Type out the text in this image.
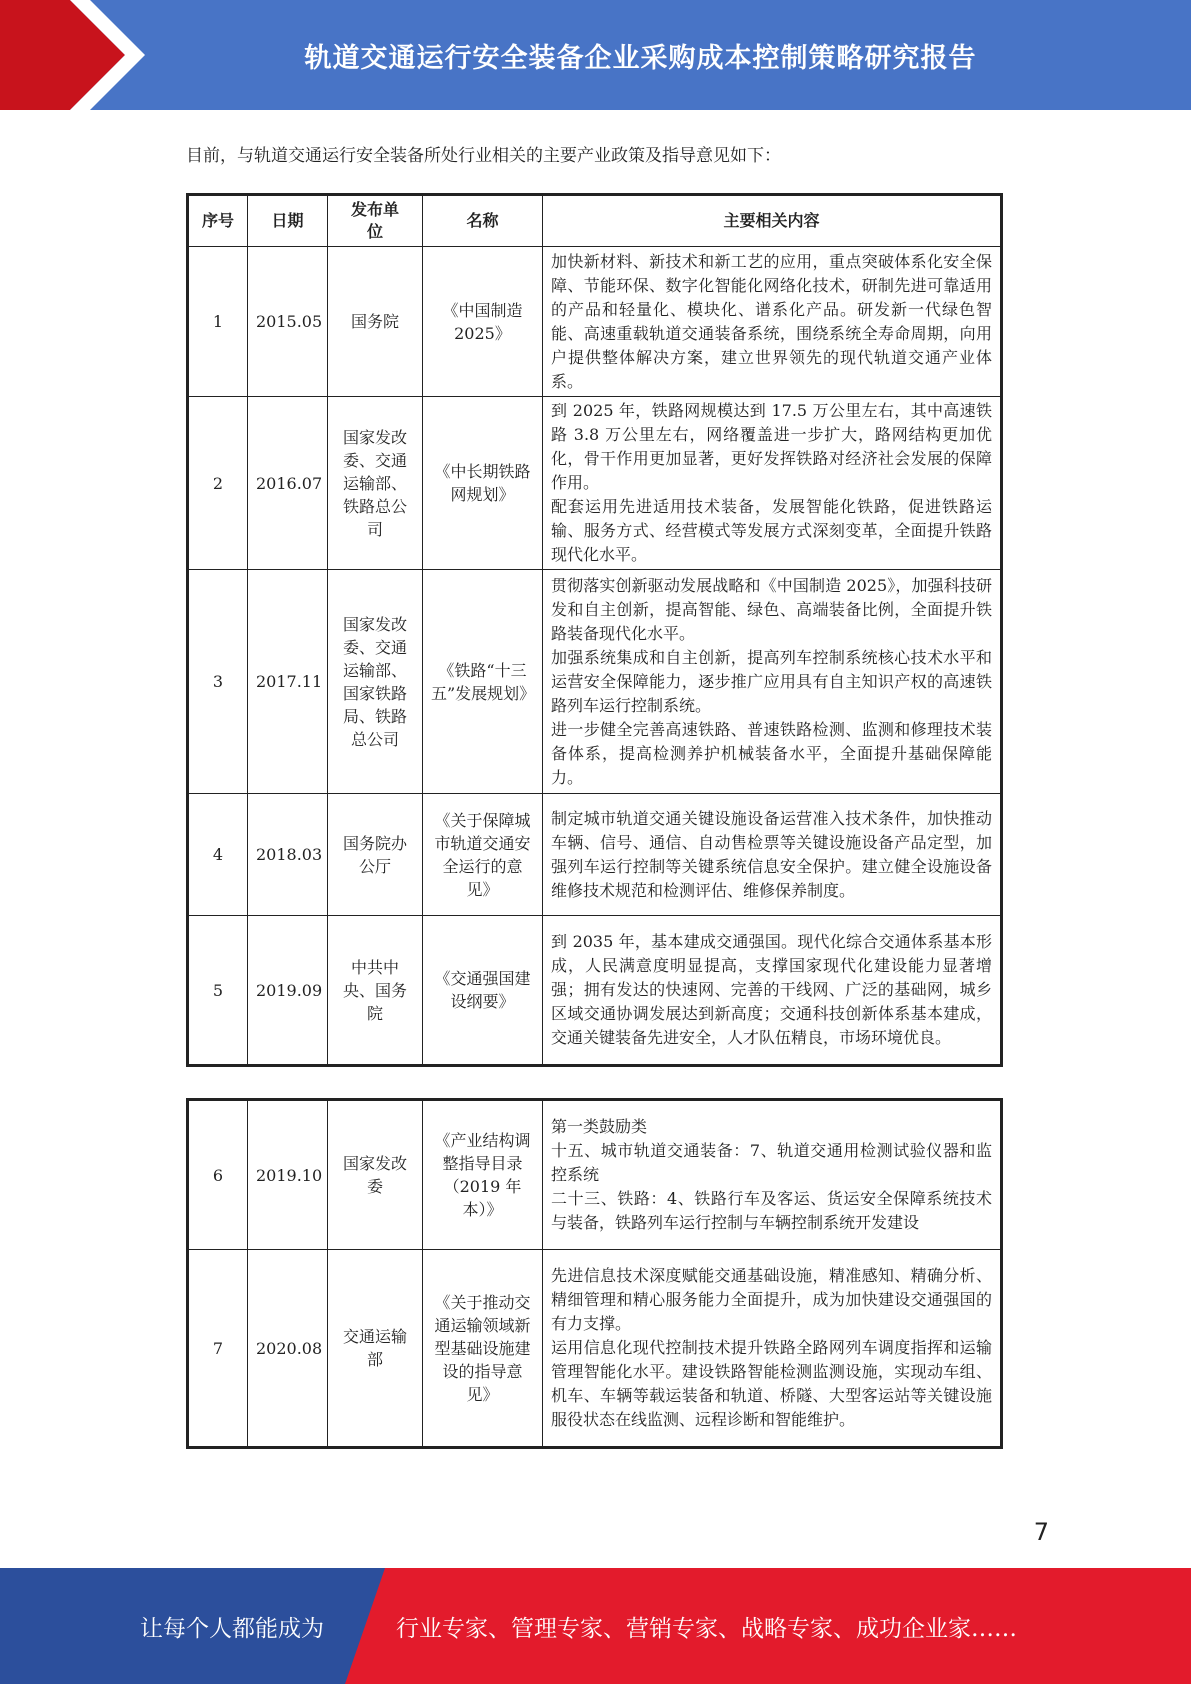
轨道交通运行安全装备企业采购成本控制策略研究报告
目前，与轨道交通运行安全装备所处行业相关的主要产业政策及指导意见如下：
序号	日期	发布单位	名称	主要相关内容
1	2015.05	国务院	《中国制造2025》	加快新材料、新技术和新工艺的应用，重点突破体系化安全保障、节能环保、数字化智能化网络化技术，研制先进可靠适用的产品和轻量化、模块化、谱系化产品。研发新一代绿色智能、高速重载轨道交通装备系统，围绕系统全寿命周期，向用户提供整体解决方案，建立世界领先的现代轨道交通产业体系。

2	2016.07	国家发改委、交通运输部、铁路总公司	《中长期铁路网规划》	到 2025 年，铁路网规模达到 17.5 万公里左右，其中高速铁路 3.8 万公里左右，网络覆盖进一步扩大，路网结构更加优化，骨干作用更加显著，更好发挥铁路对经济社会发展的保障作用。
配套运用先进适用技术装备，发展智能化铁路，促进铁路运输、服务方式、经营模式等发展方式深刻变革，全面提升铁路现代化水平。

3	2017.11	国家发改委、交通运输部、国家铁路局、铁路总公司	《铁路“十三五”发展规划》	贯彻落实创新驱动发展战略和《中国制造 2025》，加强科技研发和自主创新，提高智能、绿色、高端装备比例，全面提升铁路装备现代化水平。
加强系统集成和自主创新，提高列车控制系统核心技术水平和运营安全保障能力，逐步推广应用具有自主知识产权的高速铁路列车运行控制系统。
进一步健全完善高速铁路、普速铁路检测、监测和修理技术装备体系，提高检测养护机械装备水平，全面提升基础保障能力。

4	2018.03	国务院办公厅	《关于保障城市轨道交通安全运行的意见》	制定城市轨道交通关键设施设备运营准入技术条件，加快推动车辆、信号、通信、自动售检票等关键设施设备产品定型，加强列车运行控制等关键系统信息安全保护。建立健全设施设备维修技术规范和检测评估、维修保养制度。

5	2019.09	中共中央、国务院	《交通强国建设纲要》	到 2035 年，基本建成交通强国。现代化综合交通体系基本形成，人民满意度明显提高，支撑国家现代化建设能力显著增强；拥有发达的快速网、完善的干线网、广泛的基础网，城乡区域交通协调发展达到新高度；交通科技创新体系基本建成，交通关键装备先进安全，人才队伍精良，市场环境优良。
6	2019.10	国家发改委	《产业结构调整指导目录（2019 年本）》	第一类鼓励类
十五、城市轨道交通装备：7、轨道交通用检测试验仪器和监控系统
二十三、铁路：4、铁路行车及客运、货运安全保障系统技术与装备，铁路列车运行控制与车辆控制系统开发建设

7	2020.08	交通运输部	《关于推动交通运输领域新型基础设施建设的指导意见》	先进信息技术深度赋能交通基础设施，精准感知、精确分析、精细管理和精心服务能力全面提升，成为加快建设交通强国的有力支撑。
运用信息化现代控制技术提升铁路全路网列车调度指挥和运输管理智能化水平。建设铁路智能检测监测设施，实现动车组、机车、车辆等载运装备和轨道、桥隧、大型客运站等关键设施服役状态在线监测、远程诊断和智能维护。
7
让每个人都能成为	行业专家、管理专家、营销专家、战略专家、成功企业家……
